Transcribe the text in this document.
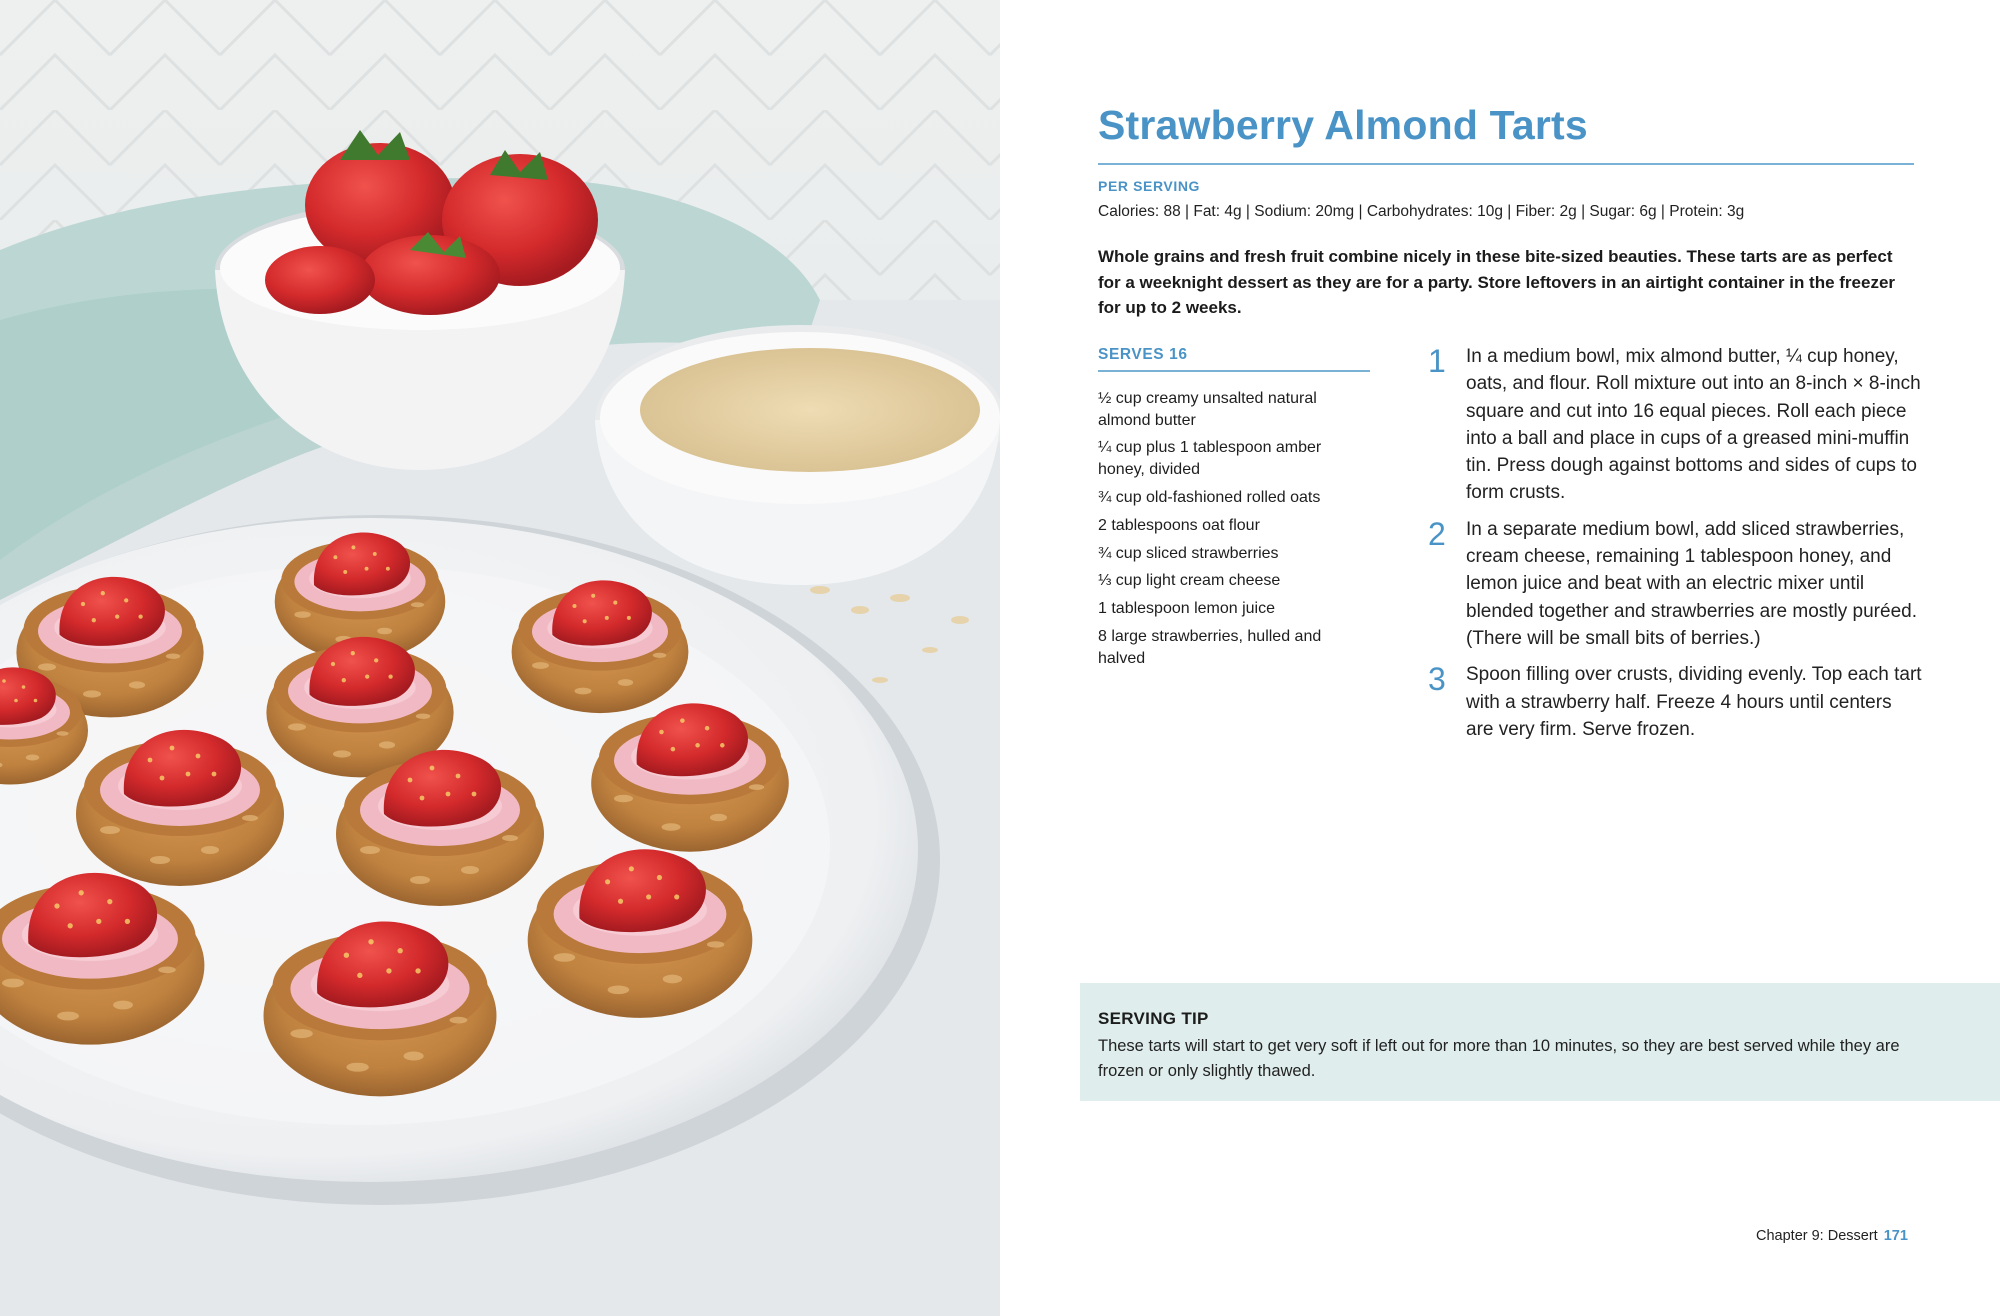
Strawberry Almond Tarts
PER SERVING
Calories: 88 | Fat: 4g | Sodium: 20mg | Carbohydrates: 10g | Fiber: 2g | Sugar: 6g | Protein: 3g

Whole grains and fresh fruit combine nicely in these bite-sized beauties. These tarts are as perfect for a weeknight dessert as they are for a party. Store leftovers in an airtight container in the freezer for up to 2 weeks.

SERVES 16
½ cup creamy unsalted natural almond butter
¼ cup plus 1 tablespoon amber honey, divided
¾ cup old-fashioned rolled oats
2 tablespoons oat flour
¾ cup sliced strawberries
⅓ cup light cream cheese
1 tablespoon lemon juice
8 large strawberries, hulled and halved
1 In a medium bowl, mix almond butter, ¼ cup honey, oats, and flour. Roll mixture out into an 8-inch × 8-inch square and cut into 16 equal pieces. Roll each piece into a ball and place in cups of a greased mini-muffin tin. Press dough against bottoms and sides of cups to form crusts.
2 In a separate medium bowl, add sliced strawberries, cream cheese, remaining 1 tablespoon honey, and lemon juice and beat with an electric mixer until blended together and strawberries are mostly puréed. (There will be small bits of berries.)
3 Spoon filling over crusts, dividing evenly. Top each tart with a strawberry half. Freeze 4 hours until centers are very firm. Serve frozen.
SERVING TIP

These tarts will start to get very soft if left out for more than 10 minutes, so they are best served while they are frozen or only slightly thawed.

Chapter 9: Dessert 171
